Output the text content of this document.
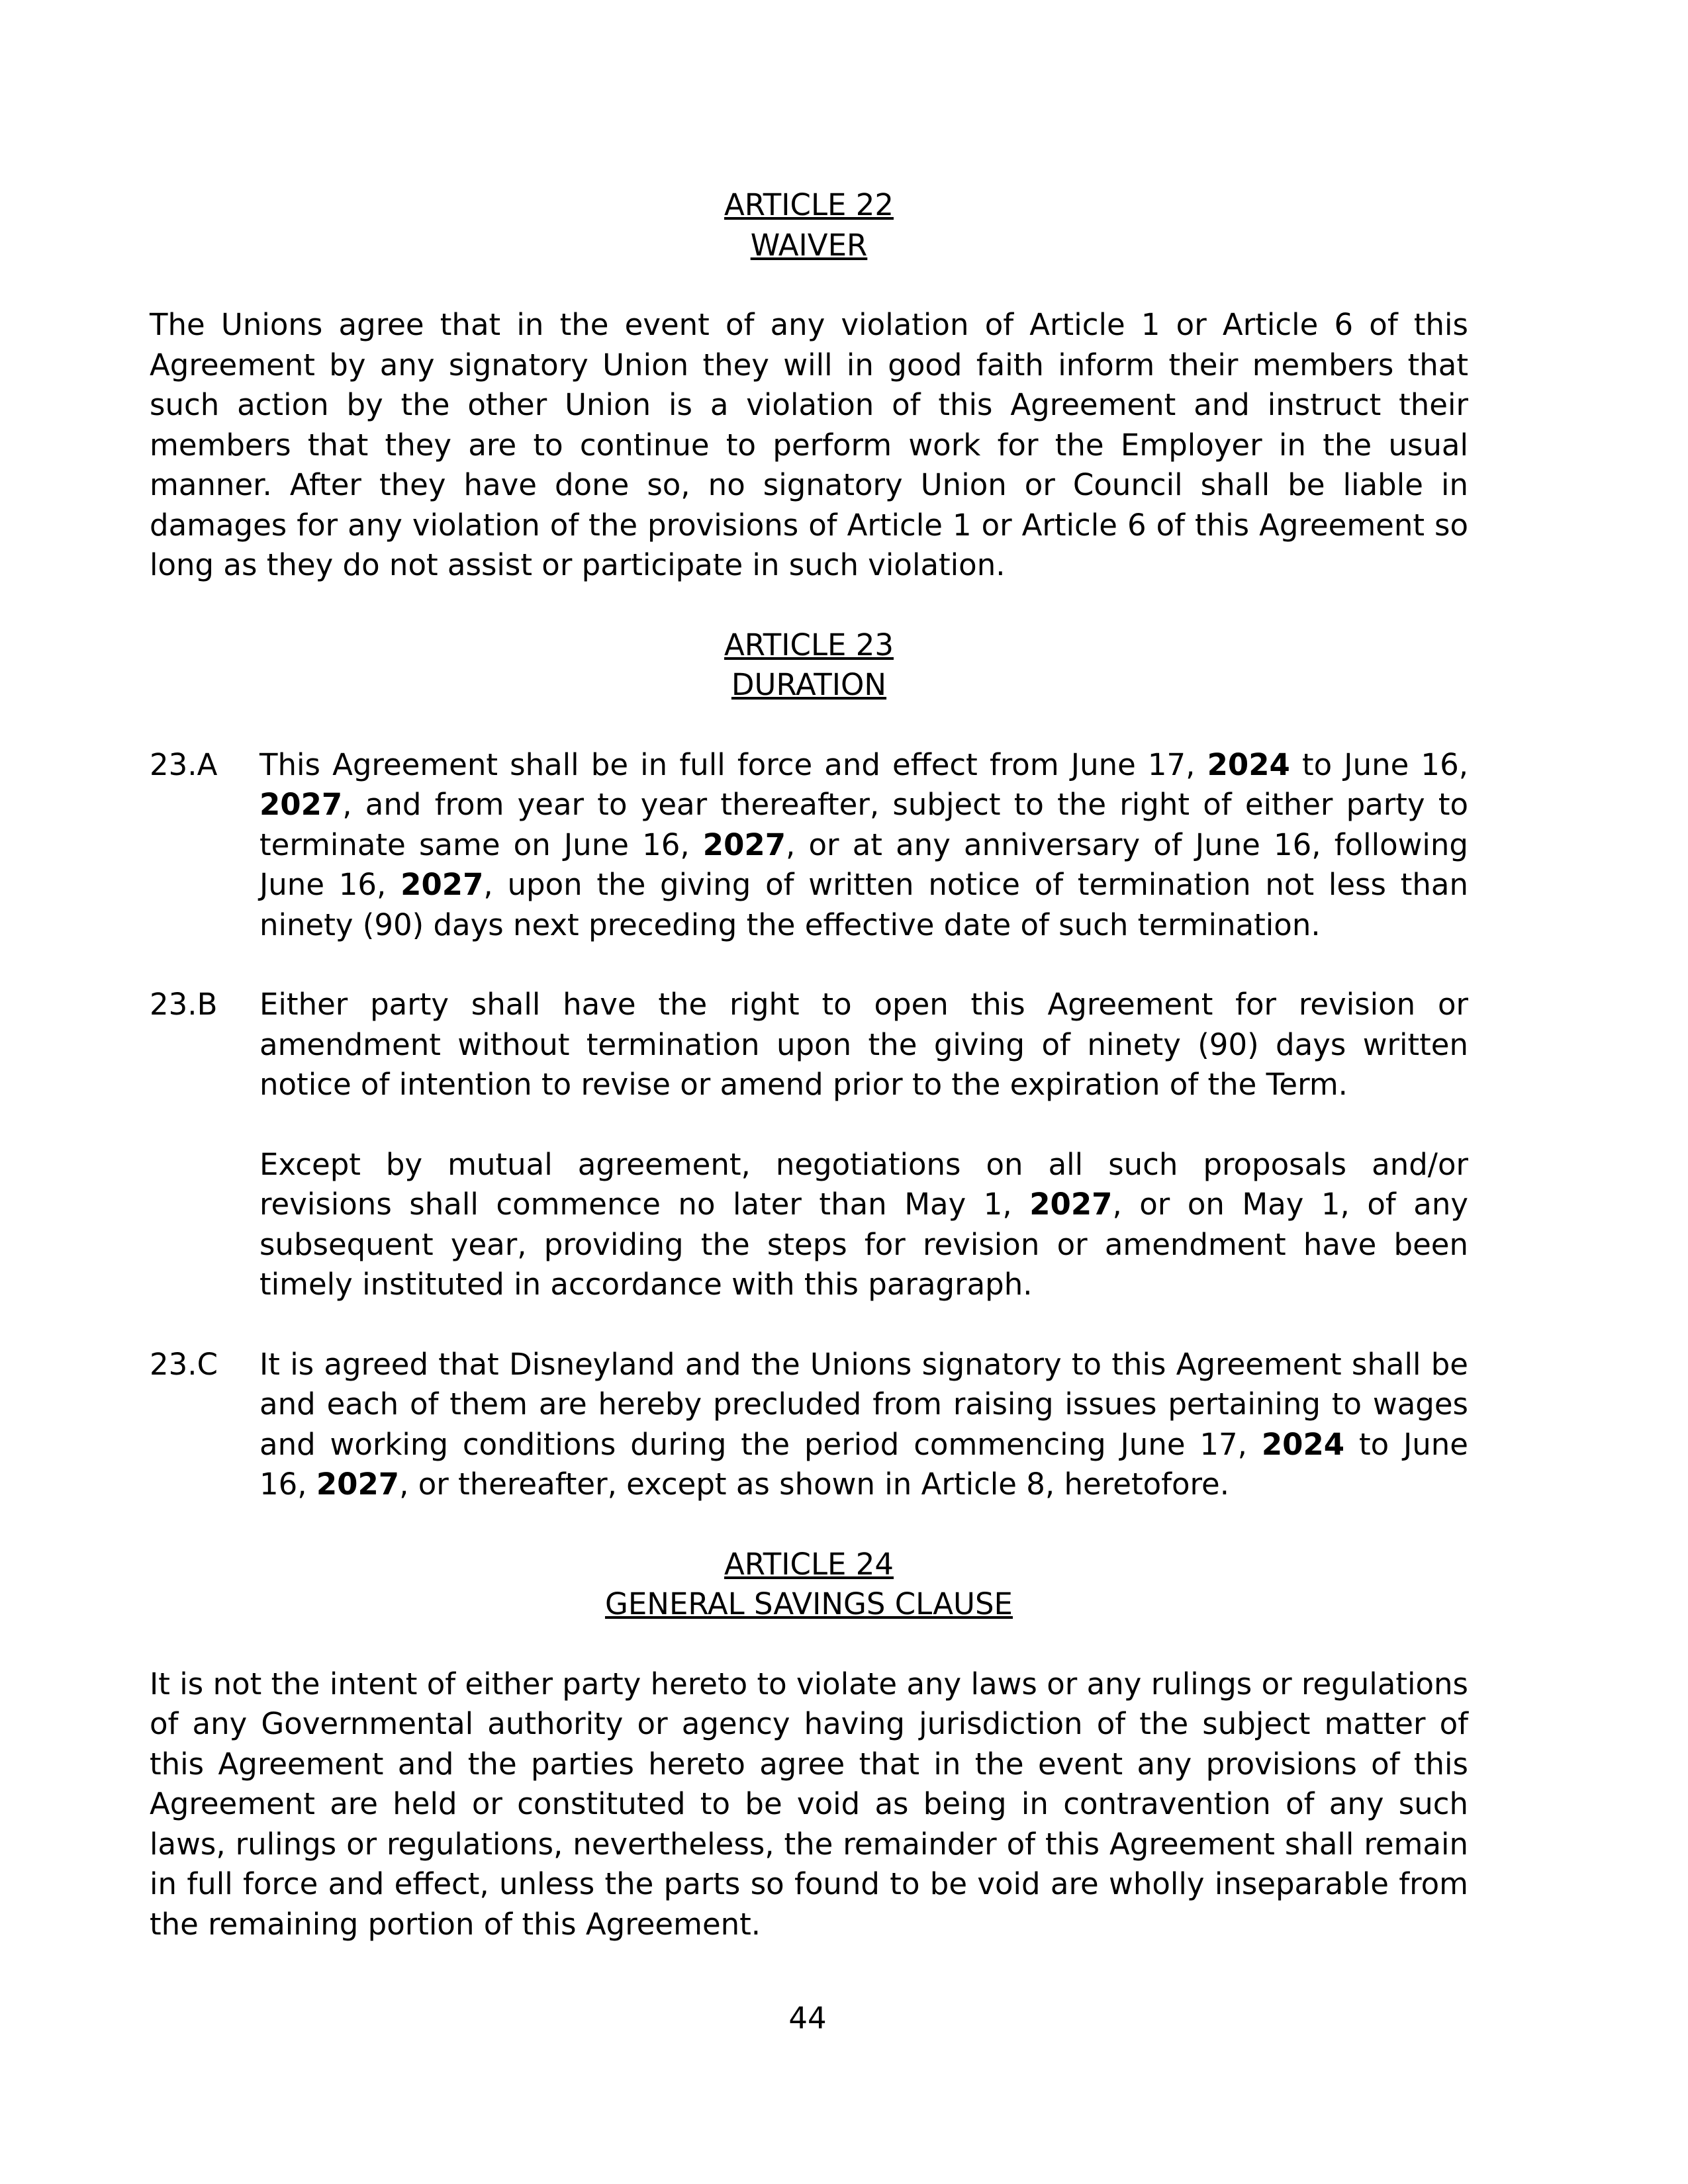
ARTICLE 22

WAIVER

The Unions agree that in the event of any violation of Article 1 or Article 6 of this Agreement by any signatory Union they will in good faith inform their members that such action by the other Union is a violation of this Agreement and instruct their members that they are to continue to perform work for the Employer in the usual manner. After they have done so, no signatory Union or Council shall be liable in damages for any violation of the provisions of Article 1 or Article 6 of this Agreement so long as they do not assist or participate in such violation.

ARTICLE 23

DURATION

23.A This Agreement shall be in full force and effect from June 17, 2024 to June 16, 2027, and from year to year thereafter, subject to the right of either party to terminate same on June 16, 2027, or at any anniversary of June 16, following June 16, 2027, upon the giving of written notice of termination not less than ninety (90) days next preceding the effective date of such termination.

23.B Either party shall have the right to open this Agreement for revision or amendment without termination upon the giving of ninety (90) days written notice of intention to revise or amend prior to the expiration of the Term.

Except by mutual agreement, negotiations on all such proposals and/or revisions shall commence no later than May 1, 2027, or on May 1, of any subsequent year, providing the steps for revision or amendment have been timely instituted in accordance with this paragraph.

23.C It is agreed that Disneyland and the Unions signatory to this Agreement shall be and each of them are hereby precluded from raising issues pertaining to wages and working conditions during the period commencing June 17, 2024 to June 16, 2027, or thereafter, except as shown in Article 8, heretofore.

ARTICLE 24

GENERAL SAVINGS CLAUSE

It is not the intent of either party hereto to violate any laws or any rulings or regulations of any Governmental authority or agency having jurisdiction of the subject matter of this Agreement and the parties hereto agree that in the event any provisions of this Agreement are held or constituted to be void as being in contravention of any such laws, rulings or regulations, nevertheless, the remainder of this Agreement shall remain in full force and effect, unless the parts so found to be void are wholly inseparable from the remaining portion of this Agreement.

44
